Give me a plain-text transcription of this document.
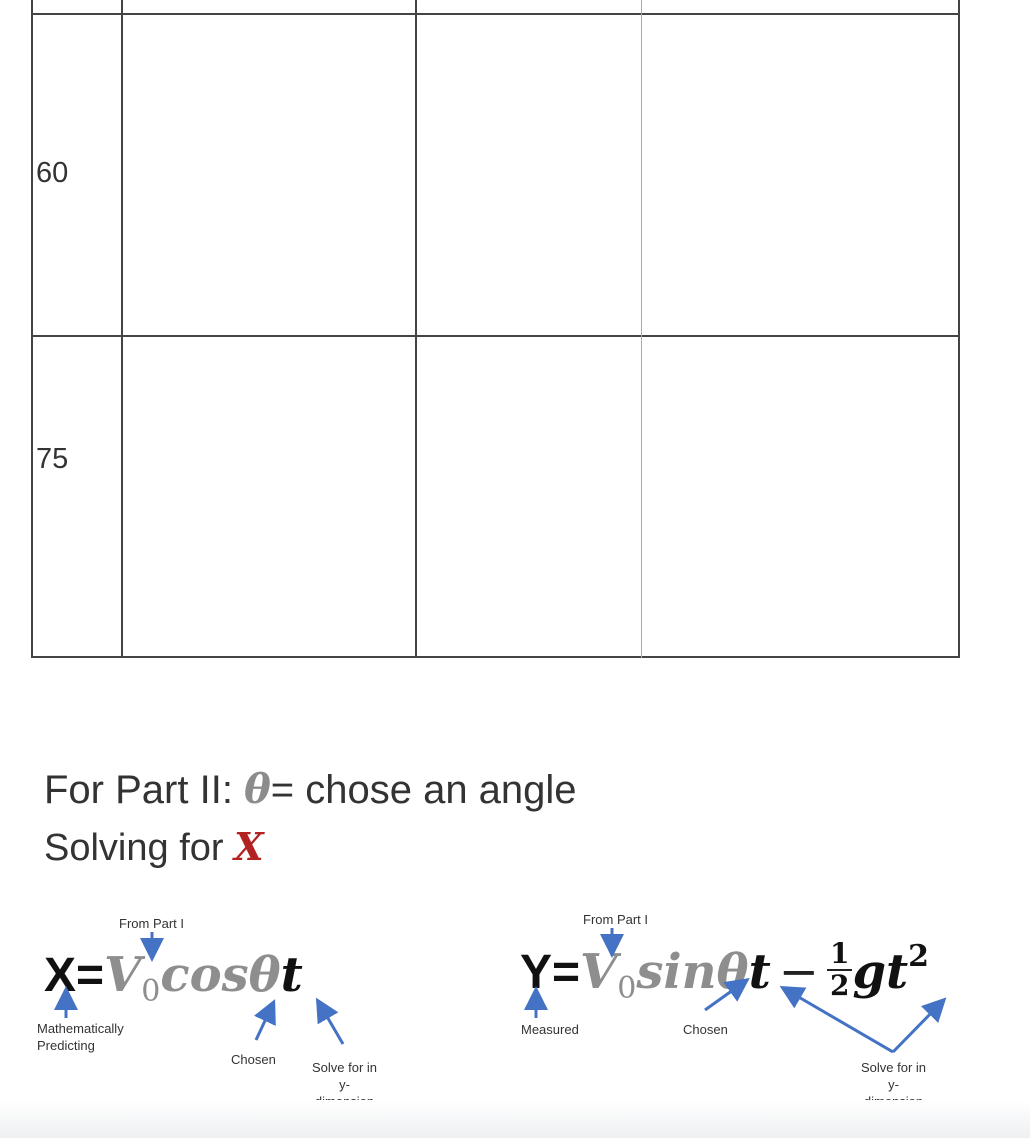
60
75
For Part II: θ= chose an angle
Solving for X
$X=V_0\cos\theta t$
From Part I
Mathematically
Predicting
Chosen
Solve for in
y-

$Y=V_0\sin\theta t - \frac{1}{2} gt^2$
From Part I
Measured	Chosen
Solve for in
y-
